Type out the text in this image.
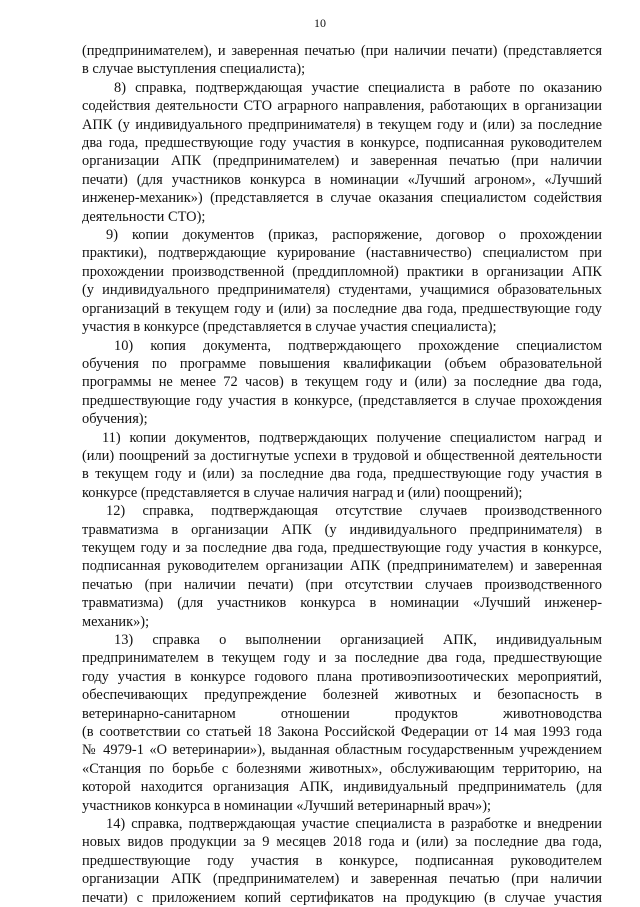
10
(предпринимателем), и заверенная печатью (при наличии печати) (представляется
в случае выступления специалиста);
8) справка, подтверждающая участие специалиста в работе по оказанию
содействия деятельности СТО аграрного направления, работающих в организации
АПК (у индивидуального предпринимателя) в текущем году и (или) за последние
два года, предшествующие году участия в конкурсе, подписанная руководителем
организации АПК (предпринимателем) и заверенная печатью (при наличии
печати) (для участников конкурса в номинации «Лучший агроном», «Лучший
инженер-механик») (представляется в случае оказания специалистом содействия
деятельности СТО);
9) копии документов (приказ, распоряжение, договор о прохождении
практики), подтверждающие курирование (наставничество) специалистом при
прохождении производственной (преддипломной) практики в организации АПК
(у индивидуального предпринимателя) студентами, учащимися образовательных
организаций в текущем году и (или) за последние два года, предшествующие году
участия в конкурсе (представляется в случае участия специалиста);
10) копия документа, подтверждающего прохождение специалистом
обучения по программе повышения квалификации (объем образовательной
программы не менее 72 часов) в текущем году и (или) за последние два года,
предшествующие году участия в конкурсе, (представляется в случае прохождения
обучения);
11) копии документов, подтверждающих получение специалистом наград и
(или) поощрений за достигнутые успехи в трудовой и общественной деятельности
в текущем году и (или) за последние два года, предшествующие году участия в
конкурсе (представляется в случае наличия наград и (или) поощрений);
12) справка, подтверждающая отсутствие случаев производственного
травматизма в организации АПК (у индивидуального предпринимателя) в
текущем году и за последние два года, предшествующие году участия в конкурсе,
подписанная руководителем организации АПК (предпринимателем) и заверенная
печатью (при наличии печати) (при отсутствии случаев производственного
травматизма) (для участников конкурса в номинации «Лучший инженер-
механик»);
13) справка о выполнении организацией АПК, индивидуальным
предпринимателем в текущем году и за последние два года, предшествующие
году участия в конкурсе годового плана противоэпизоотических мероприятий,
обеспечивающих предупреждение болезней животных и безопасность в
ветеринарно-санитарном отношении продуктов животноводства
(в соответствии со статьей 18 Закона Российской Федерации от 14 мая 1993 года
№ 4979-1 «О ветеринарии»), выданная областным государственным учреждением
«Станция по борьбе с болезнями животных», обслуживающим территорию, на
которой находится организация АПК, индивидуальный предприниматель (для
участников конкурса в номинации «Лучший ветеринарный врач»);
14) справка, подтверждающая участие специалиста в разработке и внедрении
новых видов продукции за 9 месяцев 2018 года и (или) за последние два года,
предшествующие году участия в конкурсе, подписанная руководителем
организации АПК (предпринимателем) и заверенная печатью (при наличии
печати) с приложением копий сертификатов на продукцию (в случае участия
